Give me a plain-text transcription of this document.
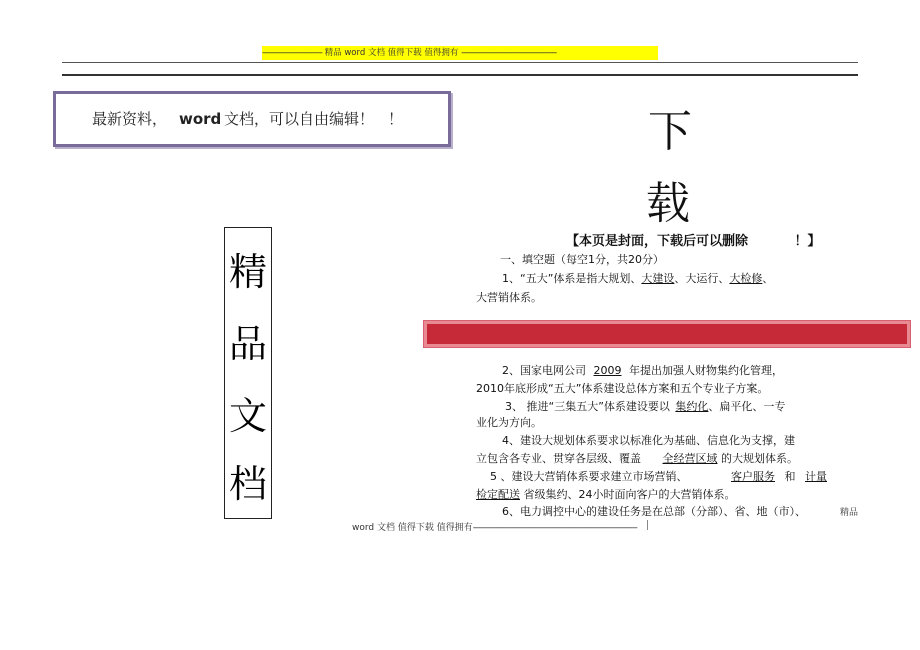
----------------------------- 精品 word 文档 值得下载 值得拥有 ----------------------------------------------
最新资料， word 文档，可以自由编辑！ ！
精
品
文
档
下
载
【本页是封面，下载后可以删除	！】
一、填空题（每空1分，共20分）
1、“五大”体系是指大规划、大建设、大运行、大检修、
大营销体系。
2、国家电网公司 2009 年提出加强人财物集约化管理，
2010年底形成“五大”体系建设总体方案和五个专业子方案。
3、 推进“三集五大”体系建设要以 集约化、扁平化、一专
业化为方向。
4、建设大规划体系要求以标准化为基础、信息化为支撑，建
立包含各专业、贯穿各层级、覆盖 全经营区域 的大规划体系。
5 、建设大营销体系要求建立市场营销、	客户服务 和 计量
检定配送 省级集约、24小时面向客户的大营销体系。
6、电力调控中心的建设任务是在总部（分部）、省、地（市）、	精品
word 文档 值得下载 值得拥有-------------------------------------------------------------------------
